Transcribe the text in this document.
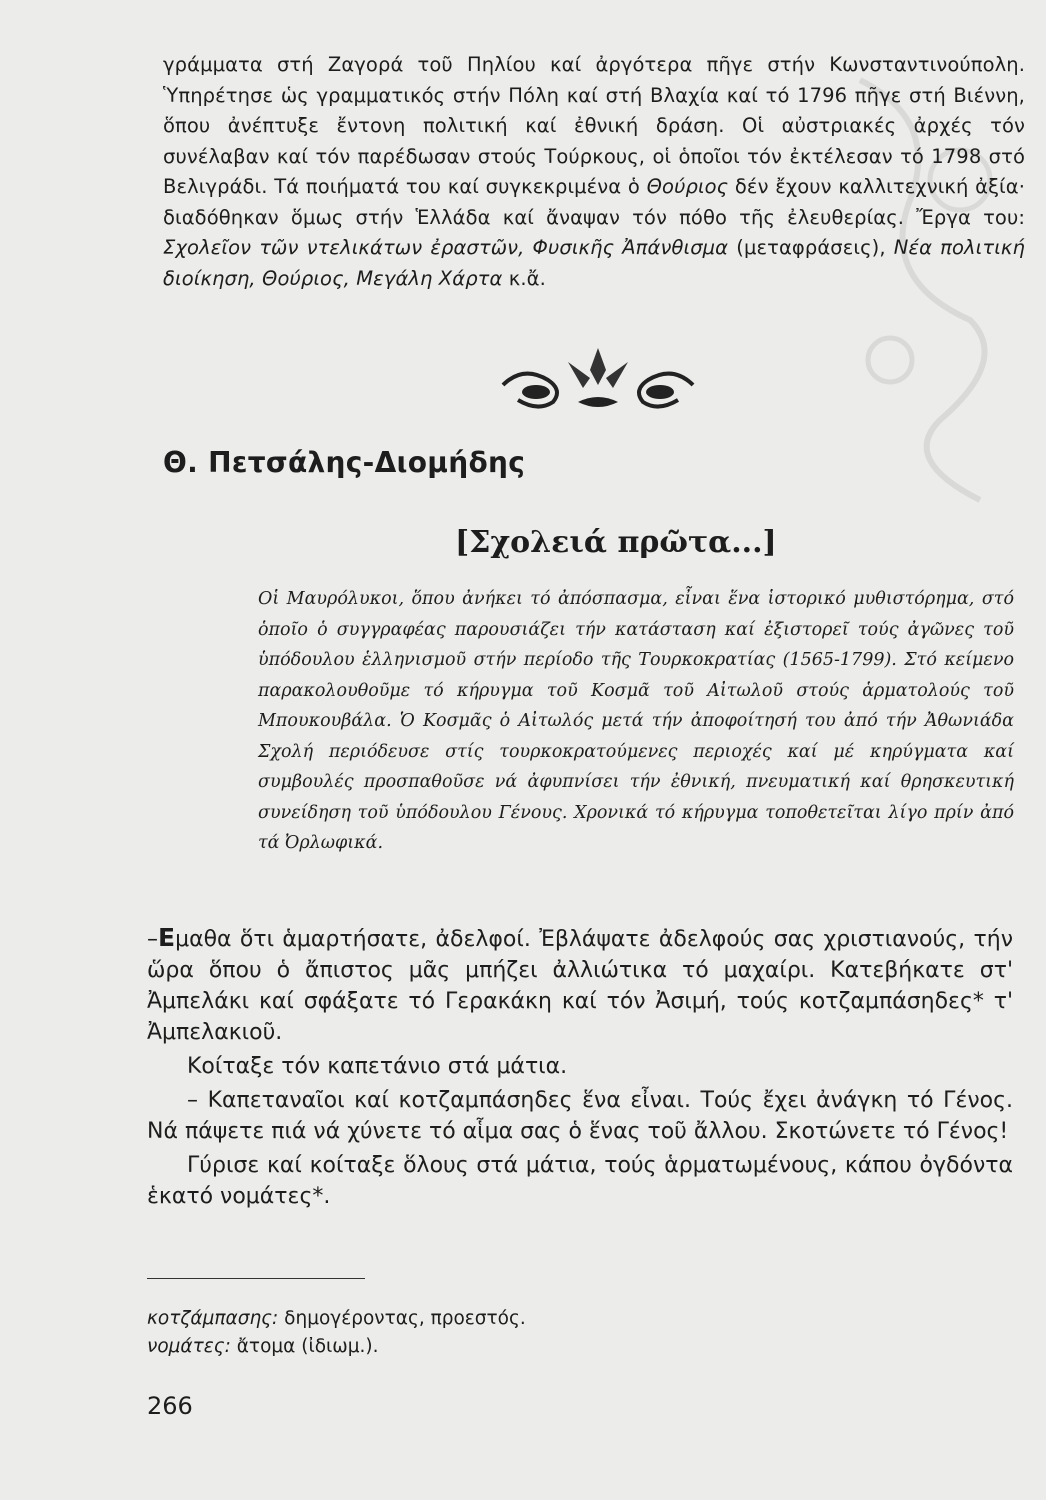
γράμματα στή Ζαγορά τοῦ Πηλίου καί ἀργότερα πῆγε στήν Κωνσταντινούπολη. Ὑπηρέτησε ὡς γραμματικός στήν Πόλη καί στή Βλαχία καί τό 1796 πῆγε στή Βιέννη, ὅπου ἀνέπτυξε ἔντονη πολιτική καί ἐθνική δράση. Οἱ αὐστριακές ἀρχές τόν συνέλαβαν καί τόν παρέδωσαν στούς Τούρκους, οἱ ὁποῖοι τόν ἐκτέλεσαν τό 1798 στό Βελιγράδι. Τά ποιήματά του καί συγκεκριμένα ὁ Θούριος δέν ἔχουν καλλιτεχνική ἀξία· διαδόθηκαν ὅμως στήν Ἑλλάδα καί ἄναψαν τόν πόθο τῆς ἐλευθερίας. Ἔργα του: Σχολεῖον τῶν ντελικάτων ἐραστῶν, Φυσικῆς Ἀπάνθισμα (μεταφράσεις), Νέα πολιτική διοίκηση, Θούριος, Μεγάλη Χάρτα κ.ἄ.
Θ. Πετσάλης-Διομήδης
[Σχολειά πρῶτα...]
Οἱ Μαυρόλυκοι, ὅπου ἀνήκει τό ἀπόσπασμα, εἶναι ἕνα ἱστορικό μυθιστόρημα, στό ὁποῖο ὁ συγγραφέας παρουσιάζει τήν κατάσταση καί ἐξιστορεῖ τούς ἀγῶνες τοῦ ὑπόδουλου ἑλληνισμοῦ στήν περίοδο τῆς Τουρκοκρατίας (1565-1799). Στό κείμενο παρακολουθοῦμε τό κήρυγμα τοῦ Κοσμᾶ τοῦ Αἰτωλοῦ στούς ἁρματολούς τοῦ Μπουκουβάλα. Ὁ Κοσμᾶς ὁ Αἰτωλός μετά τήν ἀποφοίτησή του ἀπό τήν Ἀθωνιάδα Σχολή περιόδευσε στίς τουρκοκρατούμενες περιοχές καί μέ κηρύγματα καί συμβουλές προσπαθοῦσε νά ἀφυπνίσει τήν ἐθνική, πνευματική καί θρησκευτική συνείδηση τοῦ ὑπόδουλου Γένους. Χρονικά τό κήρυγμα τοποθετεῖται λίγο πρίν ἀπό τά Ὀρλωφικά.

–Εμαθα ὅτι ἁμαρτήσατε, ἀδελφοί. Ἐβλάψατε ἀδελφούς σας χριστιανούς, τήν ὥρα ὅπου ὁ ἄπιστος μᾶς μπήζει ἀλλιώτικα τό μαχαίρι. Κατεβήκατε στ' Ἀμπελάκι καί σφάξατε τό Γερακάκη καί τόν Ἀσιμή, τούς κοτζαμπάσηδες* τ' Ἀμπελακιοῦ.

Κοίταξε τόν καπετάνιο στά μάτια.

– Καπεταναῖοι καί κοτζαμπάσηδες ἕνα εἶναι. Τούς ἔχει ἀνάγκη τό Γένος. Νά πάψετε πιά νά χύνετε τό αἷμα σας ὁ ἕνας τοῦ ἄλλου. Σκοτώνετε τό Γένος!

Γύρισε καί κοίταξε ὅλους στά μάτια, τούς ἁρματωμένους, κάπου ὀγδόντα ἑκατό νομάτες*.

κοτζάμπασης: δημογέροντας, προεστός.
νομάτες: ἄτομα (ἰδιωμ.).
266
